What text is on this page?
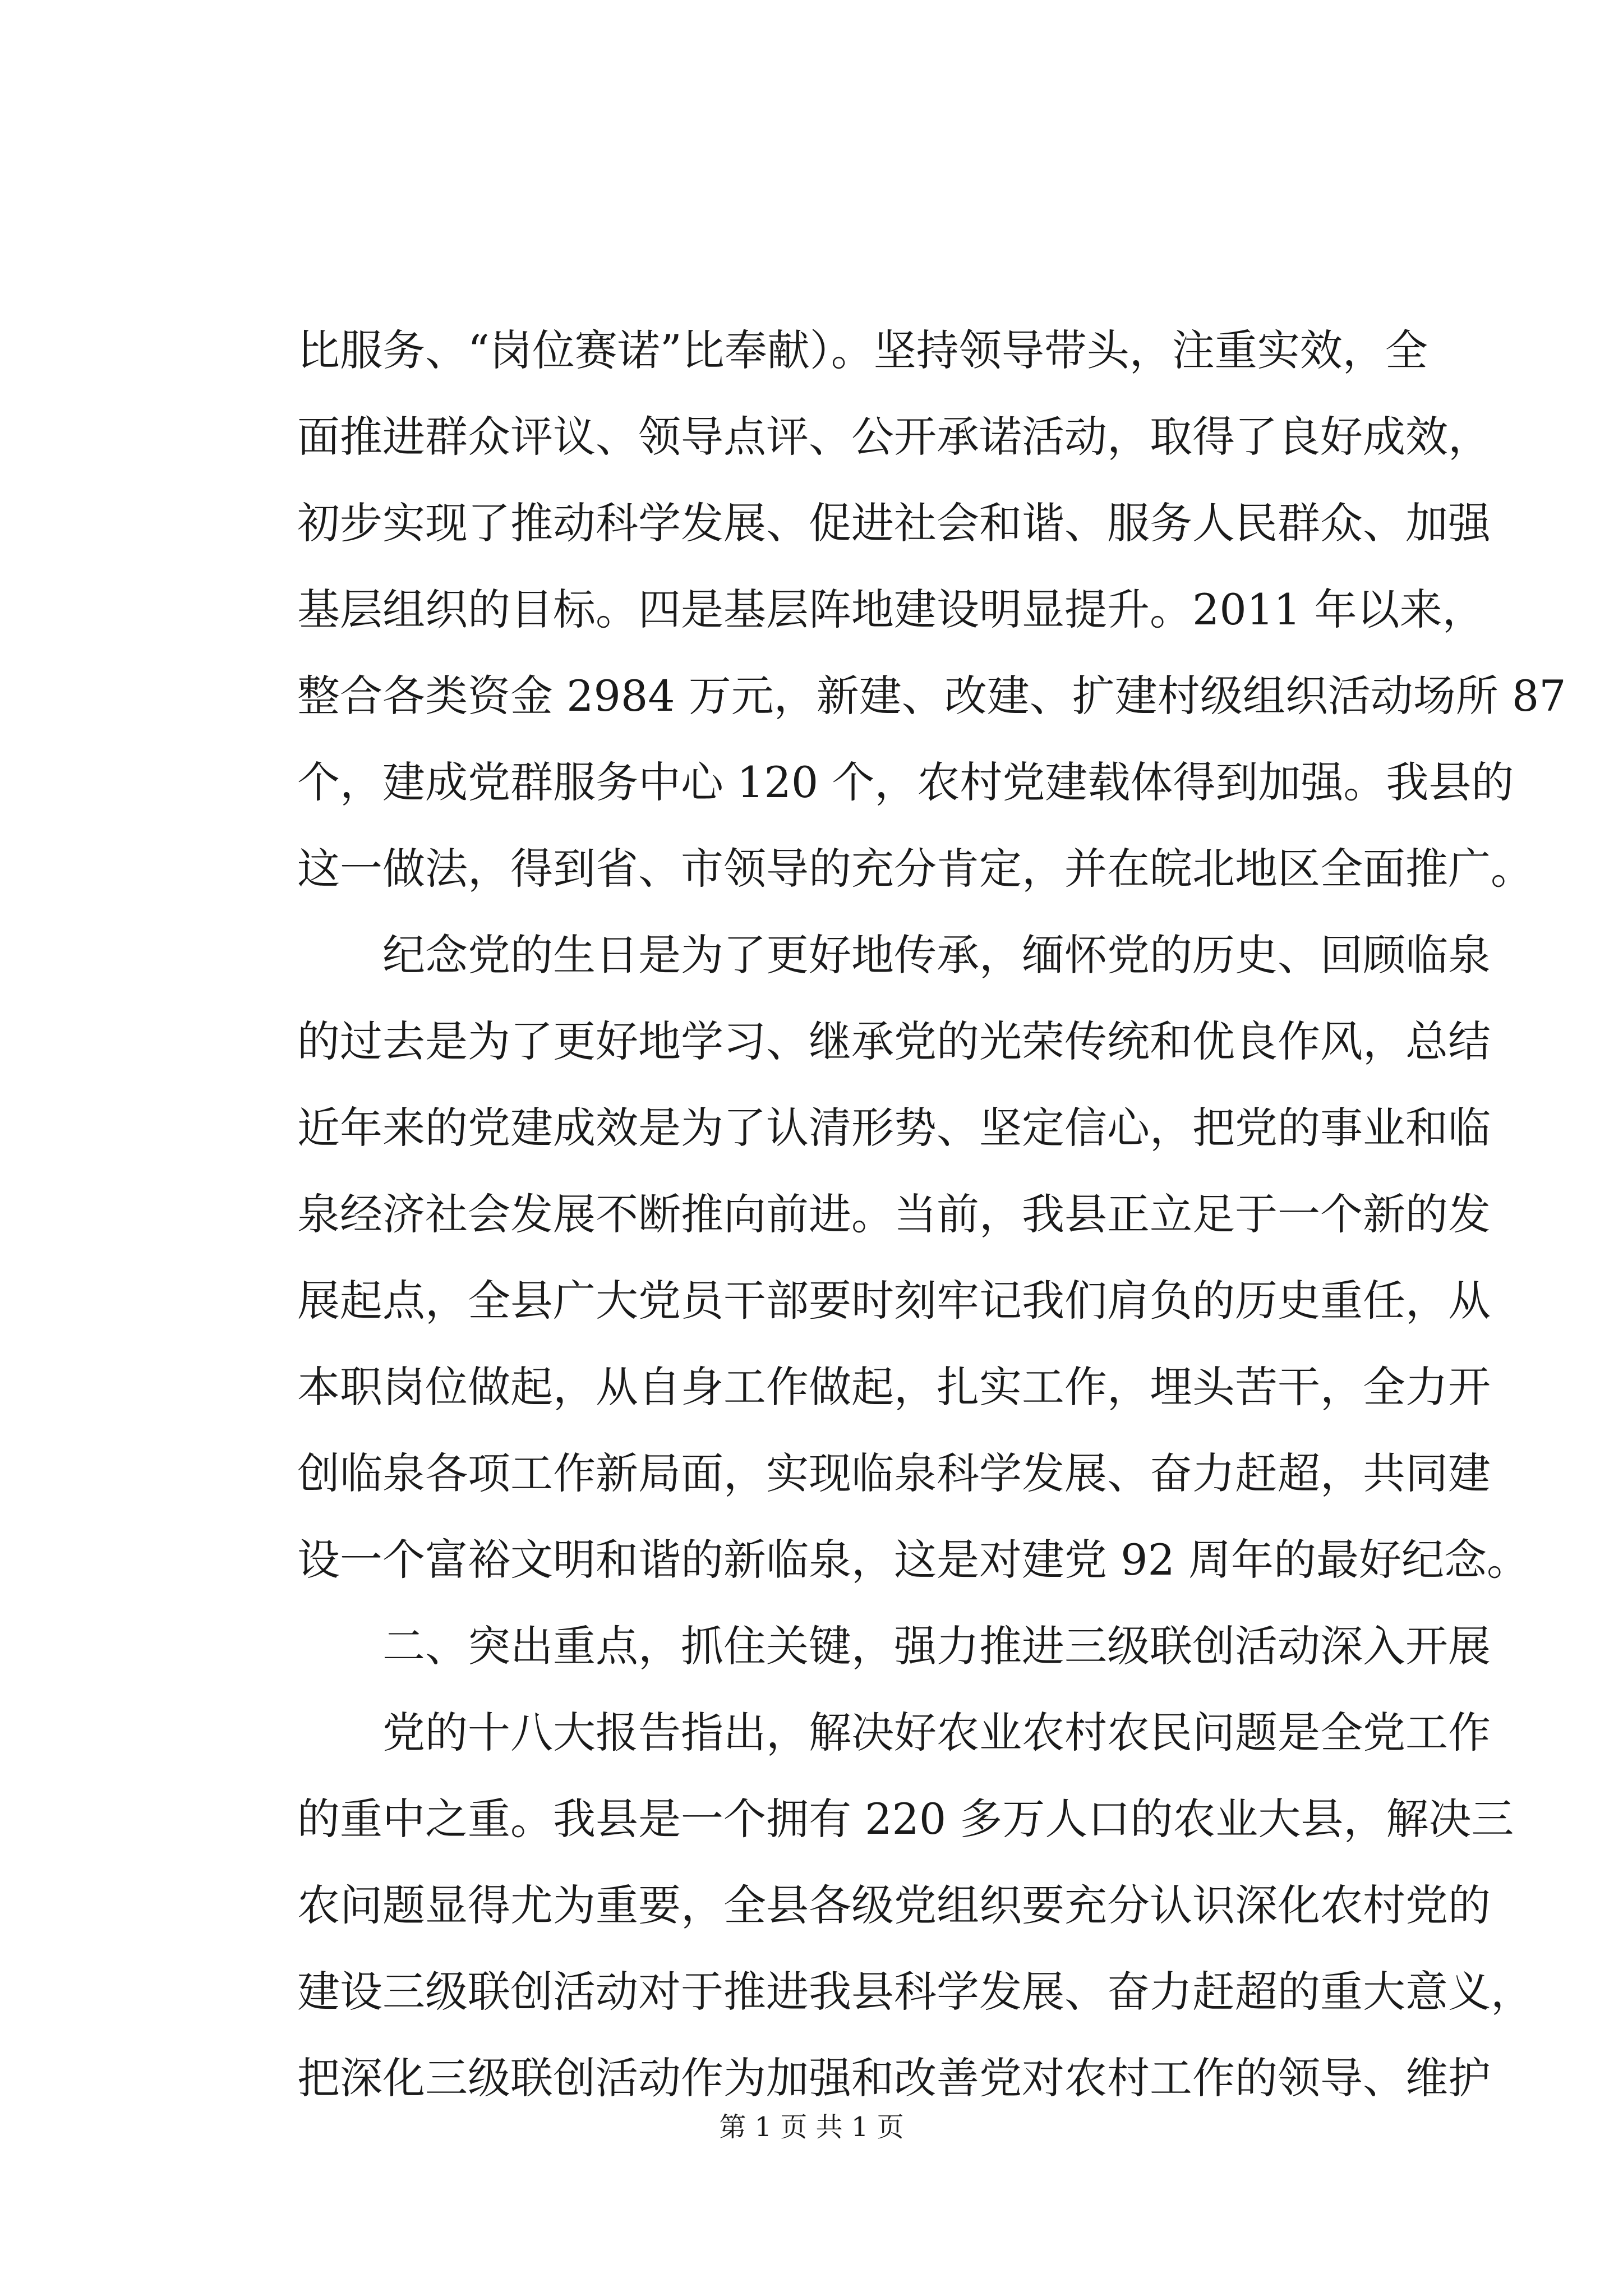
比服务、“岗位赛诺”比奉献）。坚持领导带头，注重实效，全
面推进群众评议、领导点评、公开承诺活动，取得了良好成效，
初步实现了推动科学发展、促进社会和谐、服务人民群众、加强
基层组织的目标。四是基层阵地建设明显提升。2011 年以来，
整合各类资金 2984 万元，新建、改建、扩建村级组织活动场所 87
个，建成党群服务中心 120 个，农村党建载体得到加强。我县的
这一做法，得到省、市领导的充分肯定，并在皖北地区全面推广。
　　纪念党的生日是为了更好地传承，缅怀党的历史、回顾临泉
的过去是为了更好地学习、继承党的光荣传统和优良作风，总结
近年来的党建成效是为了认清形势、坚定信心，把党的事业和临
泉经济社会发展不断推向前进。当前，我县正立足于一个新的发
展起点，全县广大党员干部要时刻牢记我们肩负的历史重任，从
本职岗位做起，从自身工作做起，扎实工作，埋头苦干，全力开
创临泉各项工作新局面，实现临泉科学发展、奋力赶超，共同建
设一个富裕文明和谐的新临泉，这是对建党 92 周年的最好纪念。
　　二、突出重点，抓住关键，强力推进三级联创活动深入开展
　　党的十八大报告指出，解决好农业农村农民问题是全党工作
的重中之重。我县是一个拥有 220 多万人口的农业大县，解决三
农问题显得尤为重要，全县各级党组织要充分认识深化农村党的
建设三级联创活动对于推进我县科学发展、奋力赶超的重大意义，
把深化三级联创活动作为加强和改善党对农村工作的领导、维护
第 1 页 共 1 页
